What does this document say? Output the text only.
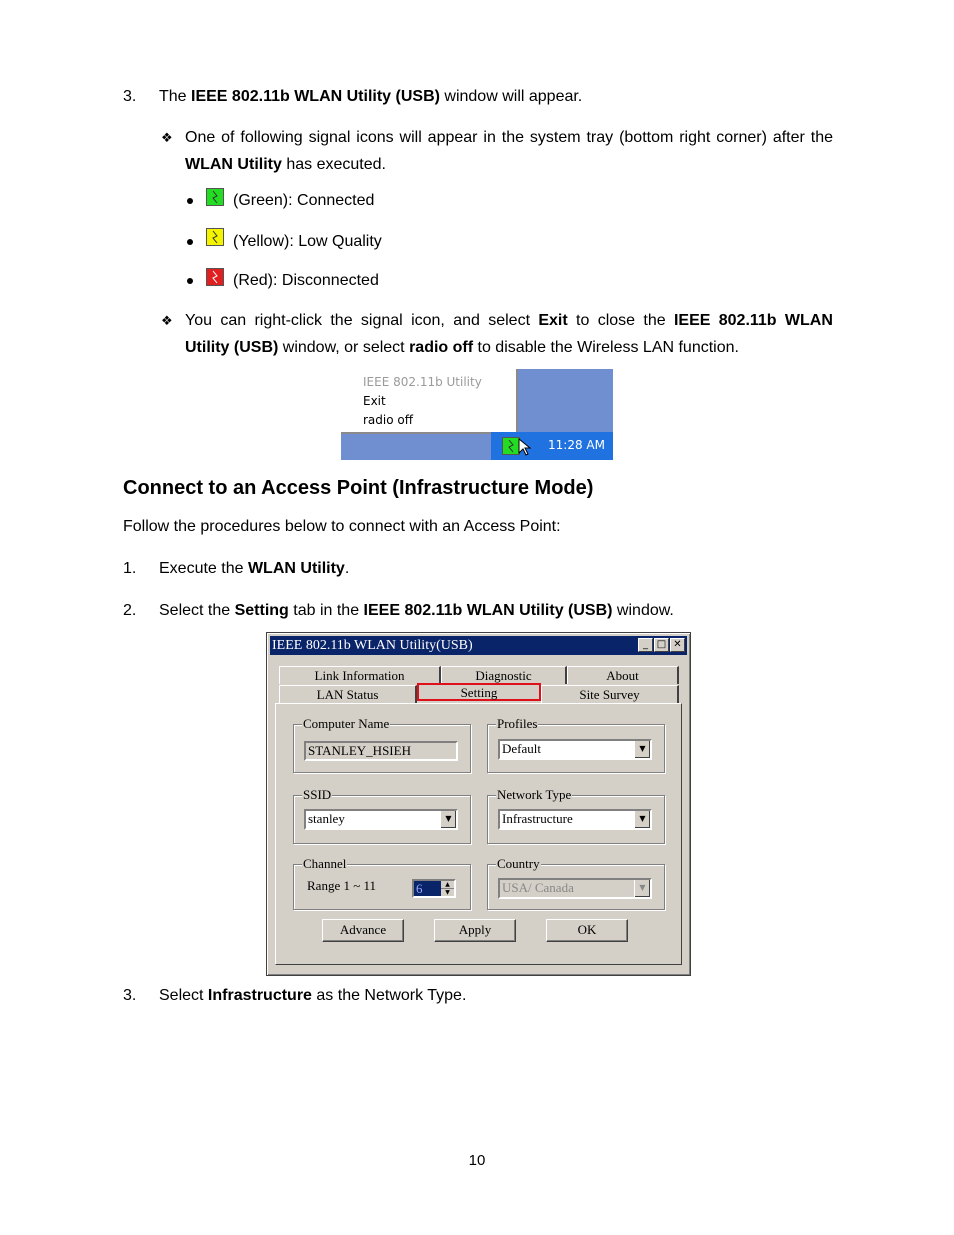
3. The IEEE 802.11b WLAN Utility (USB) window will appear.
❖ One of following signal icons will appear in the system tray (bottom right corner) after the
WLAN Utility has executed.
(Green): Connected
(Yellow): Low Quality
(Red): Disconnected
❖ You can right-click the signal icon, and select Exit to close the IEEE 802.11b WLAN
Utility (USB) window, or select radio off to disable the Wireless LAN function.
IEEE 802.11b Utility
Exit
radio off
11:28 AM
Connect to an Access Point (Infrastructure Mode)
Follow the procedures below to connect with an Access Point:
1. Execute the WLAN Utility.
2. Select the Setting tab in the IEEE 802.11b WLAN Utility (USB) window.
IEEE 802.11b WLAN Utility(USB)	_ □ ✕
Link Information	Diagnostic	About
LAN Status	Setting	Site Survey
Computer Name
STANLEY_HSIEH
Profiles
Default	▼
SSID
stanley	▼
Network Type
Infrastructure	▼
Channel
Range 1 ~ 11	6	▲
▼
Country
USA/ Canada	▼
Advance	Apply	OK
3. Select Infrastructure as the Network Type.
10
